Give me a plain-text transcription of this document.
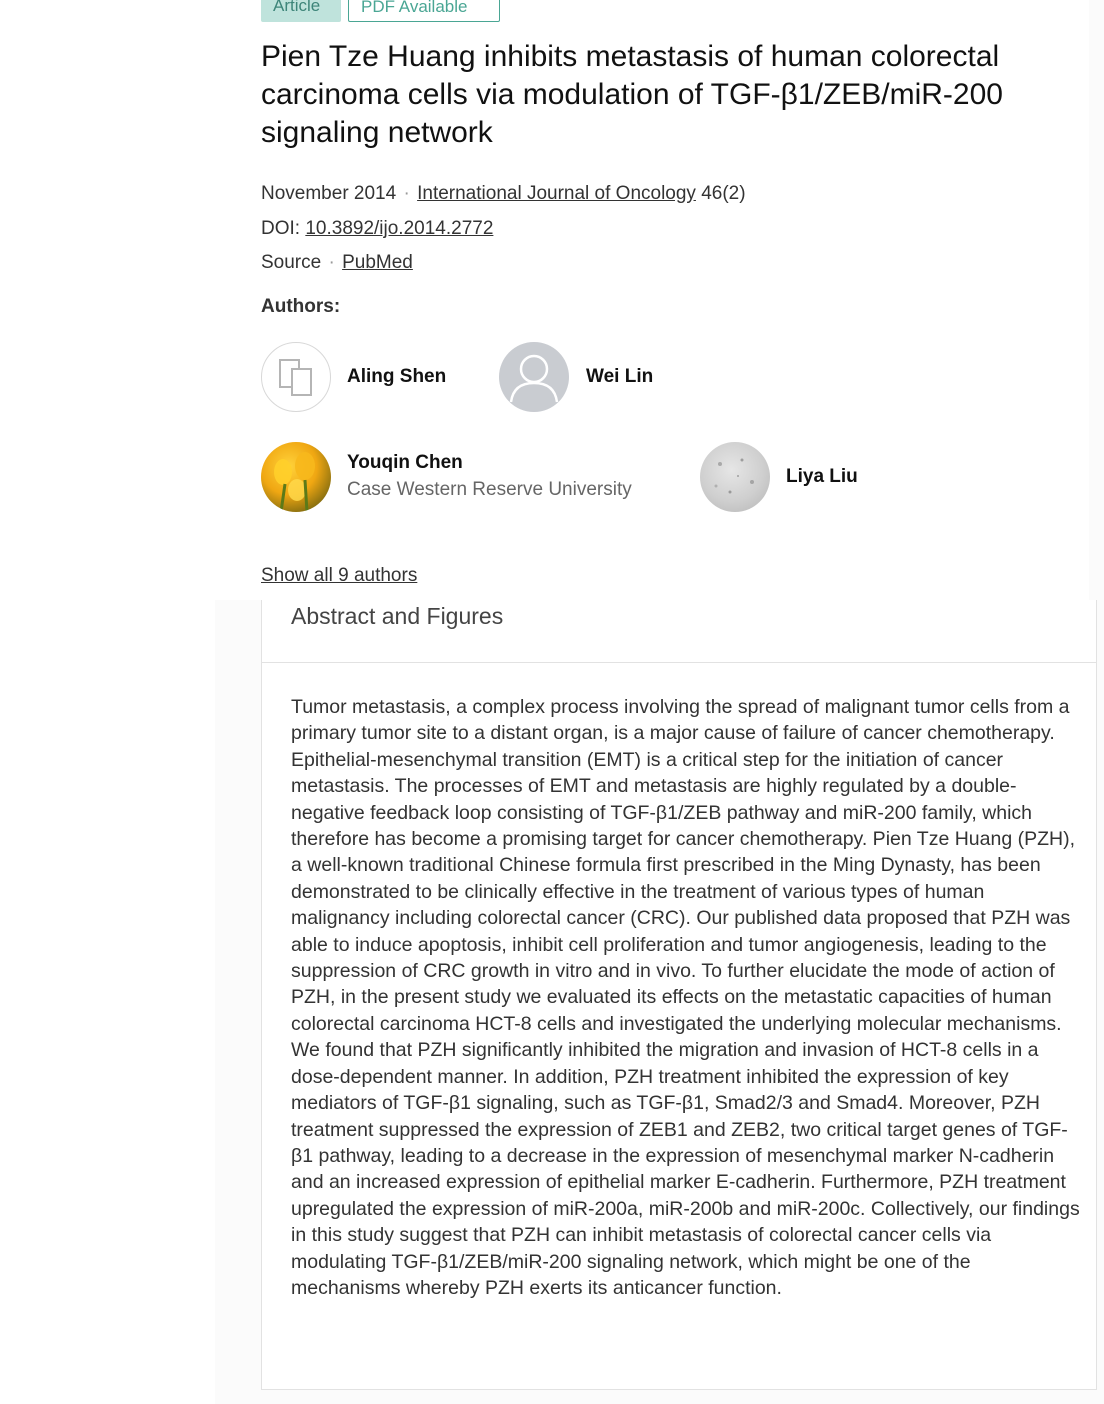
Article	PDF Available
Pien Tze Huang inhibits metastasis of human colorectal carcinoma cells via modulation of TGF-β1/ZEB/miR-200 signaling network
November 2014 · International Journal of Oncology 46(2)
DOI: 10.3892/ijo.2014.2772
Source · PubMed
Authors:
Aling Shen	Wei Lin
Youqin Chen
Case Western Reserve University
Liya Liu
Show all 9 authors
Abstract and Figures

Tumor metastasis, a complex process involving the spread of malignant tumor cells from a primary tumor site to a distant organ, is a major cause of failure of cancer chemotherapy. Epithelial-mesenchymal transition (EMT) is a critical step for the initiation of cancer metastasis. The processes of EMT and metastasis are highly regulated by a double-negative feedback loop consisting of TGF-β1/ZEB pathway and miR-200 family, which therefore has become a promising target for cancer chemotherapy. Pien Tze Huang (PZH), a well-known traditional Chinese formula first prescribed in the Ming Dynasty, has been demonstrated to be clinically effective in the treatment of various types of human malignancy including colorectal cancer (CRC). Our published data proposed that PZH was able to induce apoptosis, inhibit cell proliferation and tumor angiogenesis, leading to the suppression of CRC growth in vitro and in vivo. To further elucidate the mode of action of PZH, in the present study we evaluated its effects on the metastatic capacities of human colorectal carcinoma HCT-8 cells and investigated the underlying molecular mechanisms. We found that PZH significantly inhibited the migration and invasion of HCT-8 cells in a dose-dependent manner. In addition, PZH treatment inhibited the expression of key mediators of TGF-β1 signaling, such as TGF-β1, Smad2/3 and Smad4. Moreover, PZH treatment suppressed the expression of ZEB1 and ZEB2, two critical target genes of TGF-β1 pathway, leading to a decrease in the expression of mesenchymal marker N-cadherin and an increased expression of epithelial marker E-cadherin. Furthermore, PZH treatment upregulated the expression of miR-200a, miR-200b and miR-200c. Collectively, our findings in this study suggest that PZH can inhibit metastasis of colorectal cancer cells via modulating TGF-β1/ZEB/miR-200 signaling network, which might be one of the mechanisms whereby PZH exerts its anticancer function.
